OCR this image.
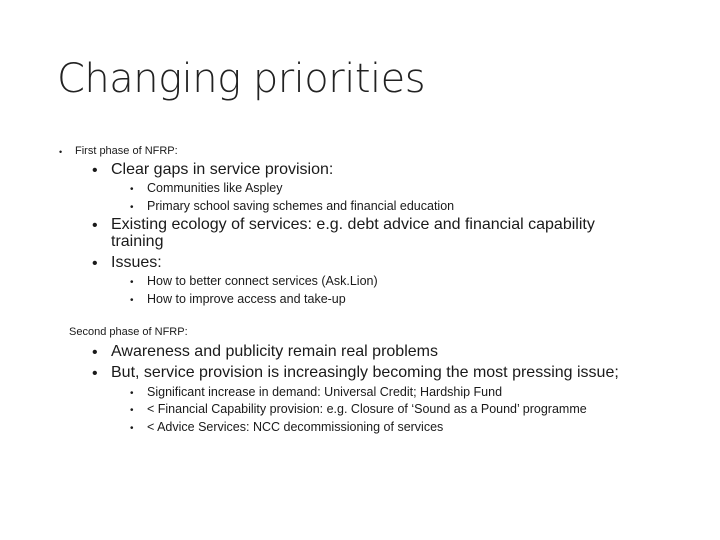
Changing priorities
• First phase of NFRP:
• Clear gaps in service provision:
• Communities like Aspley
• Primary school saving schemes and financial education
• Existing ecology of services: e.g. debt advice and financial capability
training
• Issues:
• How to better connect services (Ask.Lion)
• How to improve access and take-up
Second phase of NFRP:
• Awareness and publicity remain real problems
• But, service provision is increasingly becoming the most pressing issue;
• Significant increase in demand: Universal Credit; Hardship Fund
• < Financial Capability provision: e.g. Closure of ‘Sound as a Pound’ programme
• < Advice Services: NCC decommissioning of services
